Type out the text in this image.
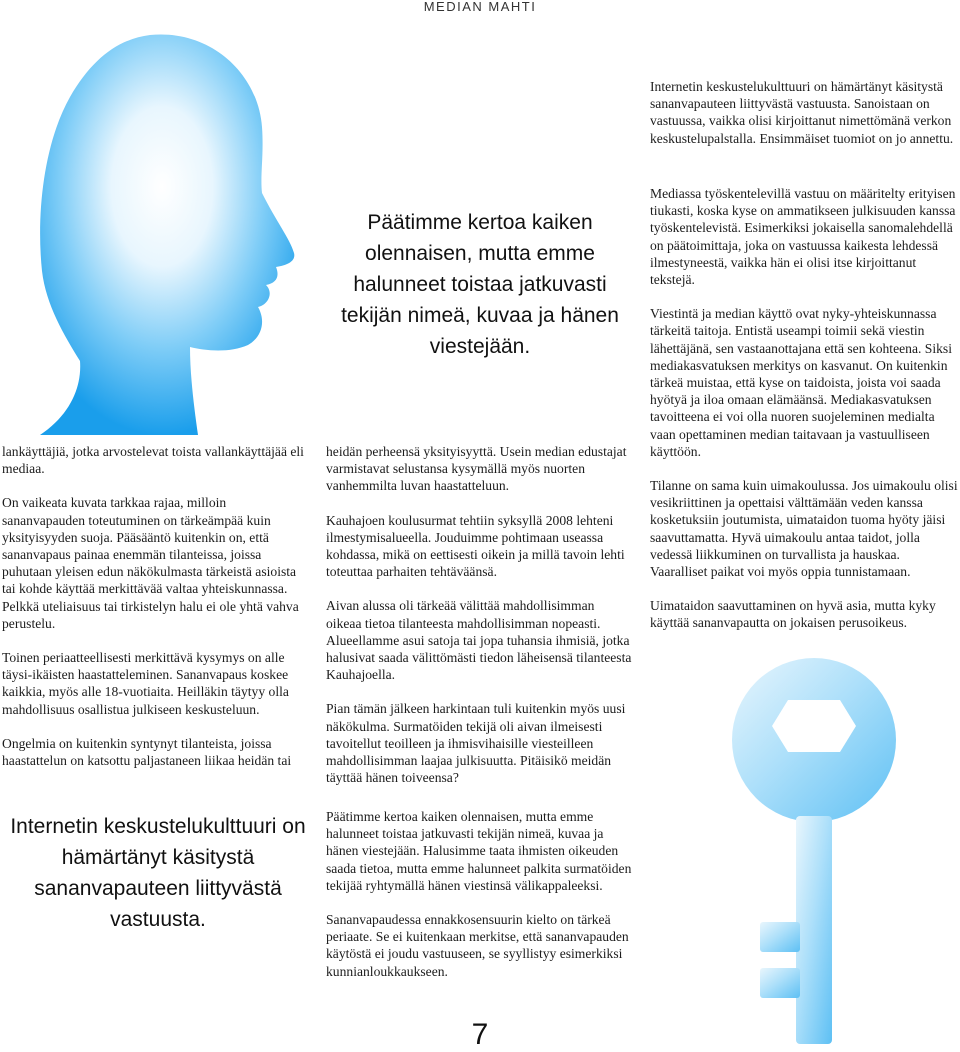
MEDIAN MAHTI
Päätimme kertoa kaiken olennaisen, mutta emme halunneet toistaa jatkuvasti tekijän nimeä, kuvaa ja hänen viestejään.
Internetin keskustelukulttuuri on hämärtänyt käsitystä sananvapauteen liittyvästä vastuusta.

lankäyttäjiä, jotka arvostelevat toista vallankäyttäjää eli mediaa.

On vaikeata kuvata tarkkaa rajaa, milloin sananvapauden toteutuminen on tärkeämpää kuin yksityisyyden suoja. Pääsääntö kuitenkin on, että sananvapaus painaa enemmän tilanteissa, joissa puhutaan yleisen edun näkökulmasta tärkeistä asioista tai kohde käyttää merkittävää valtaa yhteiskunnassa. Pelkkä uteliaisuus tai tirkistelyn halu ei ole yhtä vahva perustelu.

Toinen periaatteellisesti merkittävä kysymys on alle täysi-ikäisten haastatteleminen. Sananvapaus koskee kaikkia, myös alle 18-vuotiaita. Heilläkin täytyy olla mahdollisuus osallistua julkiseen keskusteluun.

Ongelmia on kuitenkin syntynyt tilanteista, joissa haastattelun on katsottu paljastaneen liikaa heidän tai

heidän perheensä yksityisyyttä. Usein median edustajat varmistavat selustansa kysymällä myös nuorten vanhemmilta luvan haastatteluun.

Kauhajoen koulusurmat tehtiin syksyllä 2008 lehteni ilmestymisalueella. Jouduimme pohtimaan useassa kohdassa, mikä on eettisesti oikein ja millä tavoin lehti toteuttaa parhaiten tehtäväänsä.

Aivan alussa oli tärkeää välittää mahdollisimman oikeaa tietoa tilanteesta mahdollisimman nopeasti. Alueellamme asui satoja tai jopa tuhansia ihmisiä, jotka halusivat saada välittömästi tiedon läheisensä tilanteesta Kauhajoella.

Pian tämän jälkeen harkintaan tuli kuitenkin myös uusi näkökulma. Surmatöiden tekijä oli aivan ilmeisesti tavoitellut teoilleen ja ihmisvihaisille viesteilleen mahdollisimman laajaa julkisuutta. Pitäisikö meidän täyttää hänen toiveensa?

Päätimme kertoa kaiken olennaisen, mutta emme halunneet toistaa jatkuvasti tekijän nimeä, kuvaa ja hänen viestejään. Halusimme taata ihmisten oikeuden saada tietoa, mutta emme halunneet palkita surmatöiden tekijää ryhtymällä hänen viestinsä välikappaleeksi.

Sananvapaudessa ennakkosensuurin kielto on tärkeä periaate. Se ei kuitenkaan merkitse, että sananvapauden käytöstä ei joudu vastuuseen, se syyllistyy esimerkiksi kunnianloukkaukseen.

Internetin keskustelukulttuuri on hämärtänyt käsitystä sananvapauteen liittyvästä vastuusta. Sanoistaan on vastuussa, vaikka olisi kirjoittanut nimettömänä verkon keskustelupalstalla. Ensimmäiset tuomiot on jo annettu.

Mediassa työskentelevillä vastuu on määritelty erityisen tiukasti, koska kyse on ammatikseen julkisuuden kanssa työskentelevistä. Esimerkiksi jokaisella sanomalehdellä on päätoimittaja, joka on vastuussa kaikesta lehdessä ilmestyneestä, vaikka hän ei olisi itse kirjoittanut tekstejä.

Viestintä ja median käyttö ovat nyky-yhteiskunnassa tärkeitä taitoja. Entistä useampi toimii sekä viestin lähettäjänä, sen vastaanottajana että sen kohteena. Siksi mediakasvatuksen merkitys on kasvanut. On kuitenkin tärkeä muistaa, että kyse on taidoista, joista voi saada hyötyä ja iloa omaan elämäänsä. Mediakasvatuksen tavoitteena ei voi olla nuoren suojeleminen medialta vaan opettaminen median taitavaan ja vastuulliseen käyttöön.

Tilanne on sama kuin uimakoulussa. Jos uimakoulu olisi vesikriittinen ja opettaisi välttämään veden kanssa kosketuksiin joutumista, uimataidon tuoma hyöty jäisi saavuttamatta. Hyvä uimakoulu antaa taidot, jolla vedessä liikkuminen on turvallista ja hauskaa. Vaaralliset paikat voi myös oppia tunnistamaan.

Uimataidon saavuttaminen on hyvä asia, mutta kyky käyttää sananvapautta on jokaisen perusoikeus.

7
